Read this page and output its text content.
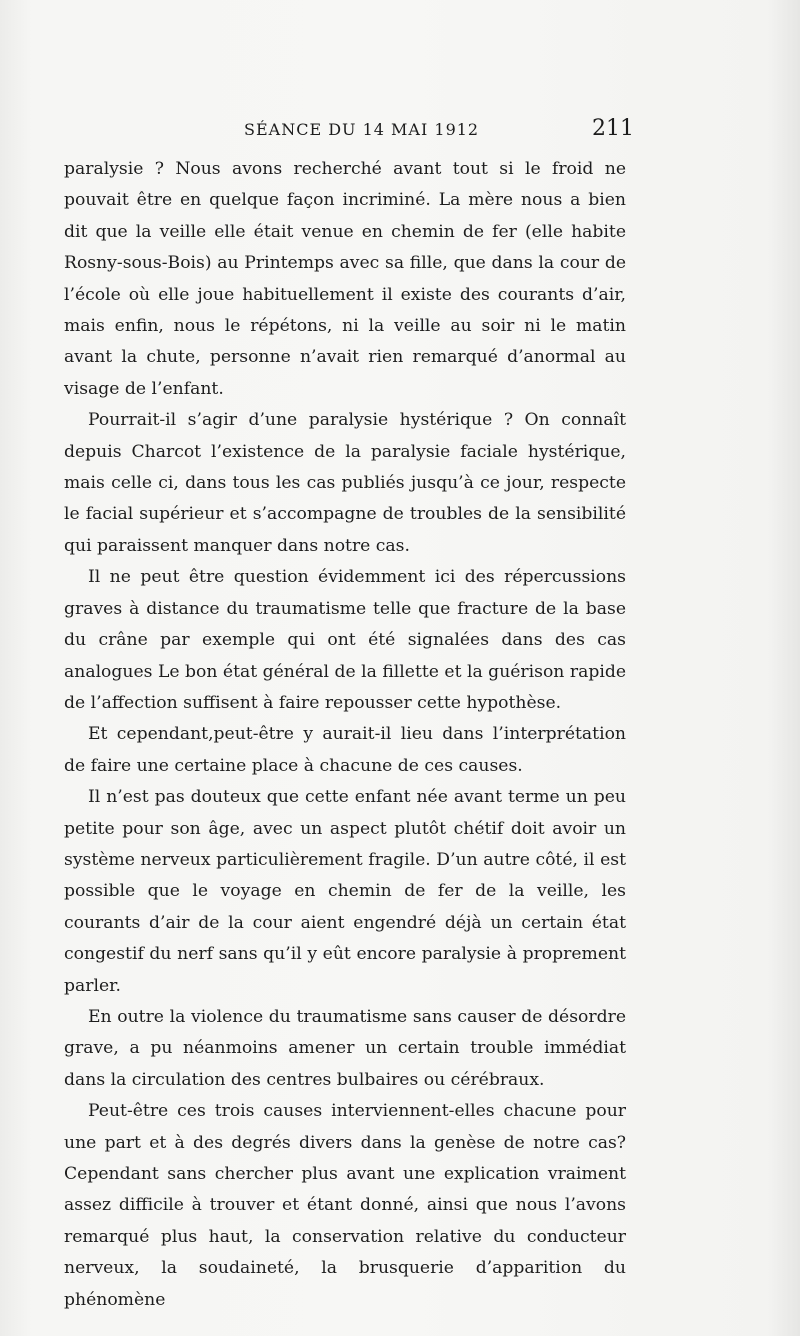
SÉANCE DU 14 MAI 1912	211

paralysie ? Nous avons recherché avant tout si le froid ne pouvait être en quelque façon incriminé. La mère nous a bien dit que la veille elle était venue en chemin de fer (elle habite Rosny-sous-Bois) au Printemps avec sa fille, que dans la cour de l’école où elle joue habituellement il existe des courants d’air, mais enfin, nous le répétons, ni la veille au soir ni le matin avant la chute, personne n’avait rien remarqué d’anormal au visage de l’enfant.

Pourrait-il s’agir d’une paralysie hystérique ? On connaît depuis Charcot l’existence de la paralysie faciale hystérique, mais celle ci, dans tous les cas publiés jusqu’à ce jour, respecte le facial supérieur et s’accompagne de troubles de la sensibilité qui paraissent manquer dans notre cas.

Il ne peut être question évidemment ici des répercussions graves à distance du traumatisme telle que fracture de la base du crâne par exemple qui ont été signalées dans des cas analogues Le bon état général de la fillette et la guérison rapide de l’affection suffisent à faire repousser cette hypothèse.

Et cependant,peut-être y aurait-il lieu dans l’interprétation de faire une certaine place à chacune de ces causes.

Il n’est pas douteux que cette enfant née avant terme un peu petite pour son âge, avec un aspect plutôt chétif doit avoir un système nerveux particulièrement fragile. D’un autre côté, il est possible que le voyage en chemin de fer de la veille, les courants d’air de la cour aient engendré déjà un certain état congestif du nerf sans qu’il y eût encore paralysie à proprement parler.

En outre la violence du traumatisme sans causer de désordre grave, a pu néanmoins amener un certain trouble immédiat dans la circulation des centres bulbaires ou cérébraux.

Peut-être ces trois causes interviennent-elles chacune pour une part et à des degrés divers dans la genèse de notre cas? Cependant sans chercher plus avant une explication vraiment assez difficile à trouver et étant donné, ainsi que nous l’avons remarqué plus haut, la conservation relative du conducteur nerveux, la soudaineté, la brusquerie d’apparition du phénomène
